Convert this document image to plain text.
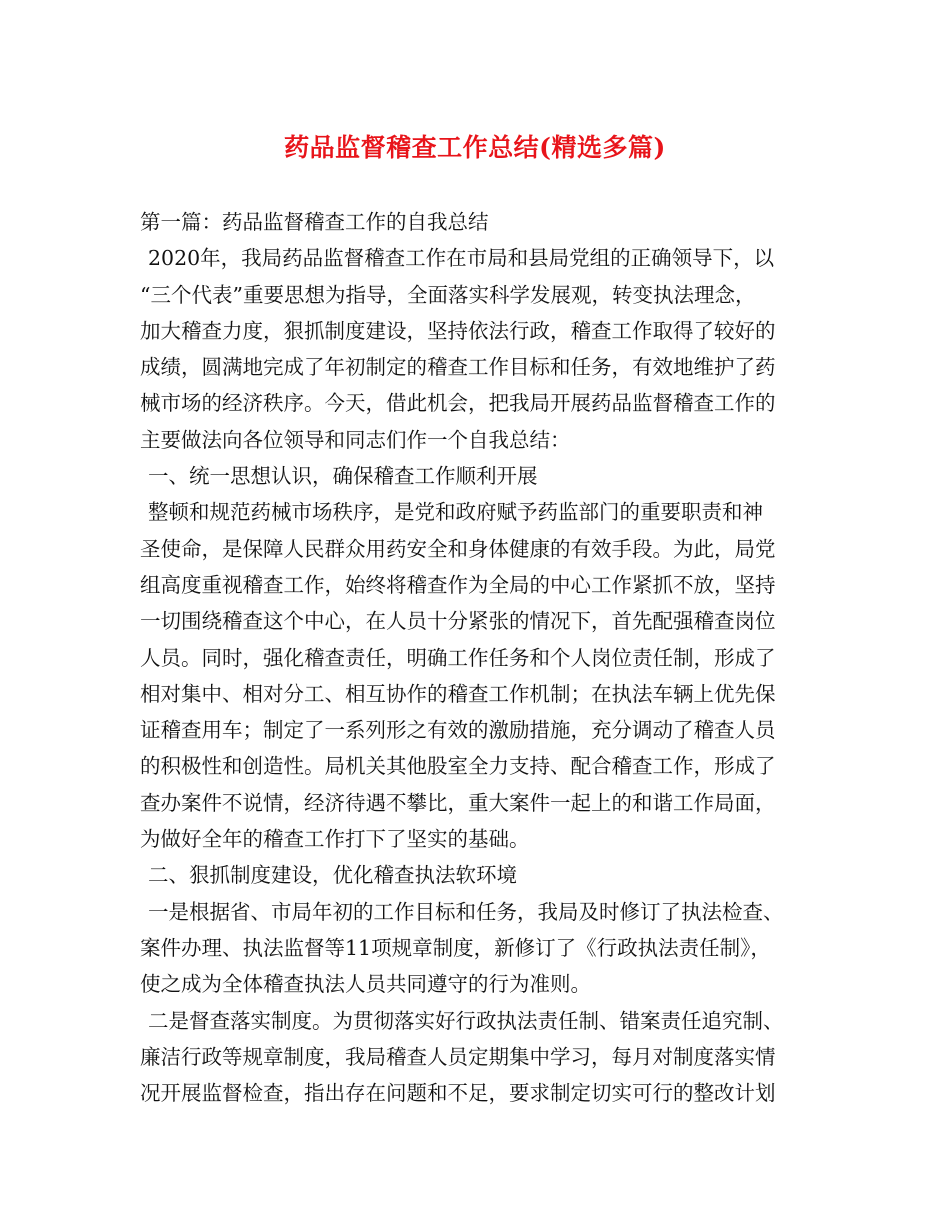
药品监督稽查工作总结(精选多篇)
第一篇：药品监督稽查工作的自我总结
2020年，我局药品监督稽查工作在市局和县局党组的正确领导下，以
“三个代表”重要思想为指导，全面落实科学发展观，转变执法理念，
加大稽查力度，狠抓制度建设，坚持依法行政，稽查工作取得了较好的
成绩，圆满地完成了年初制定的稽查工作目标和任务，有效地维护了药
械市场的经济秩序。今天，借此机会，把我局开展药品监督稽查工作的
主要做法向各位领导和同志们作一个自我总结：
一、统一思想认识，确保稽查工作顺利开展
整顿和规范药械市场秩序，是党和政府赋予药监部门的重要职责和神
圣使命，是保障人民群众用药安全和身体健康的有效手段。为此，局党
组高度重视稽查工作，始终将稽查作为全局的中心工作紧抓不放，坚持
一切围绕稽查这个中心，在人员十分紧张的情况下，首先配强稽查岗位
人员。同时，强化稽查责任，明确工作任务和个人岗位责任制，形成了
相对集中、相对分工、相互协作的稽查工作机制；在执法车辆上优先保
证稽查用车；制定了一系列形之有效的激励措施，充分调动了稽查人员
的积极性和创造性。局机关其他股室全力支持、配合稽查工作，形成了
查办案件不说情，经济待遇不攀比，重大案件一起上的和谐工作局面，
为做好全年的稽查工作打下了坚实的基础。
二、狠抓制度建设，优化稽查执法软环境
一是根据省、市局年初的工作目标和任务，我局及时修订了执法检查、
案件办理、执法监督等11项规章制度，新修订了《行政执法责任制》，
使之成为全体稽查执法人员共同遵守的行为准则。
二是督查落实制度。为贯彻落实好行政执法责任制、错案责任追究制、
廉洁行政等规章制度，我局稽查人员定期集中学习，每月对制度落实情
况开展监督检查，指出存在问题和不足，要求制定切实可行的整改计划
